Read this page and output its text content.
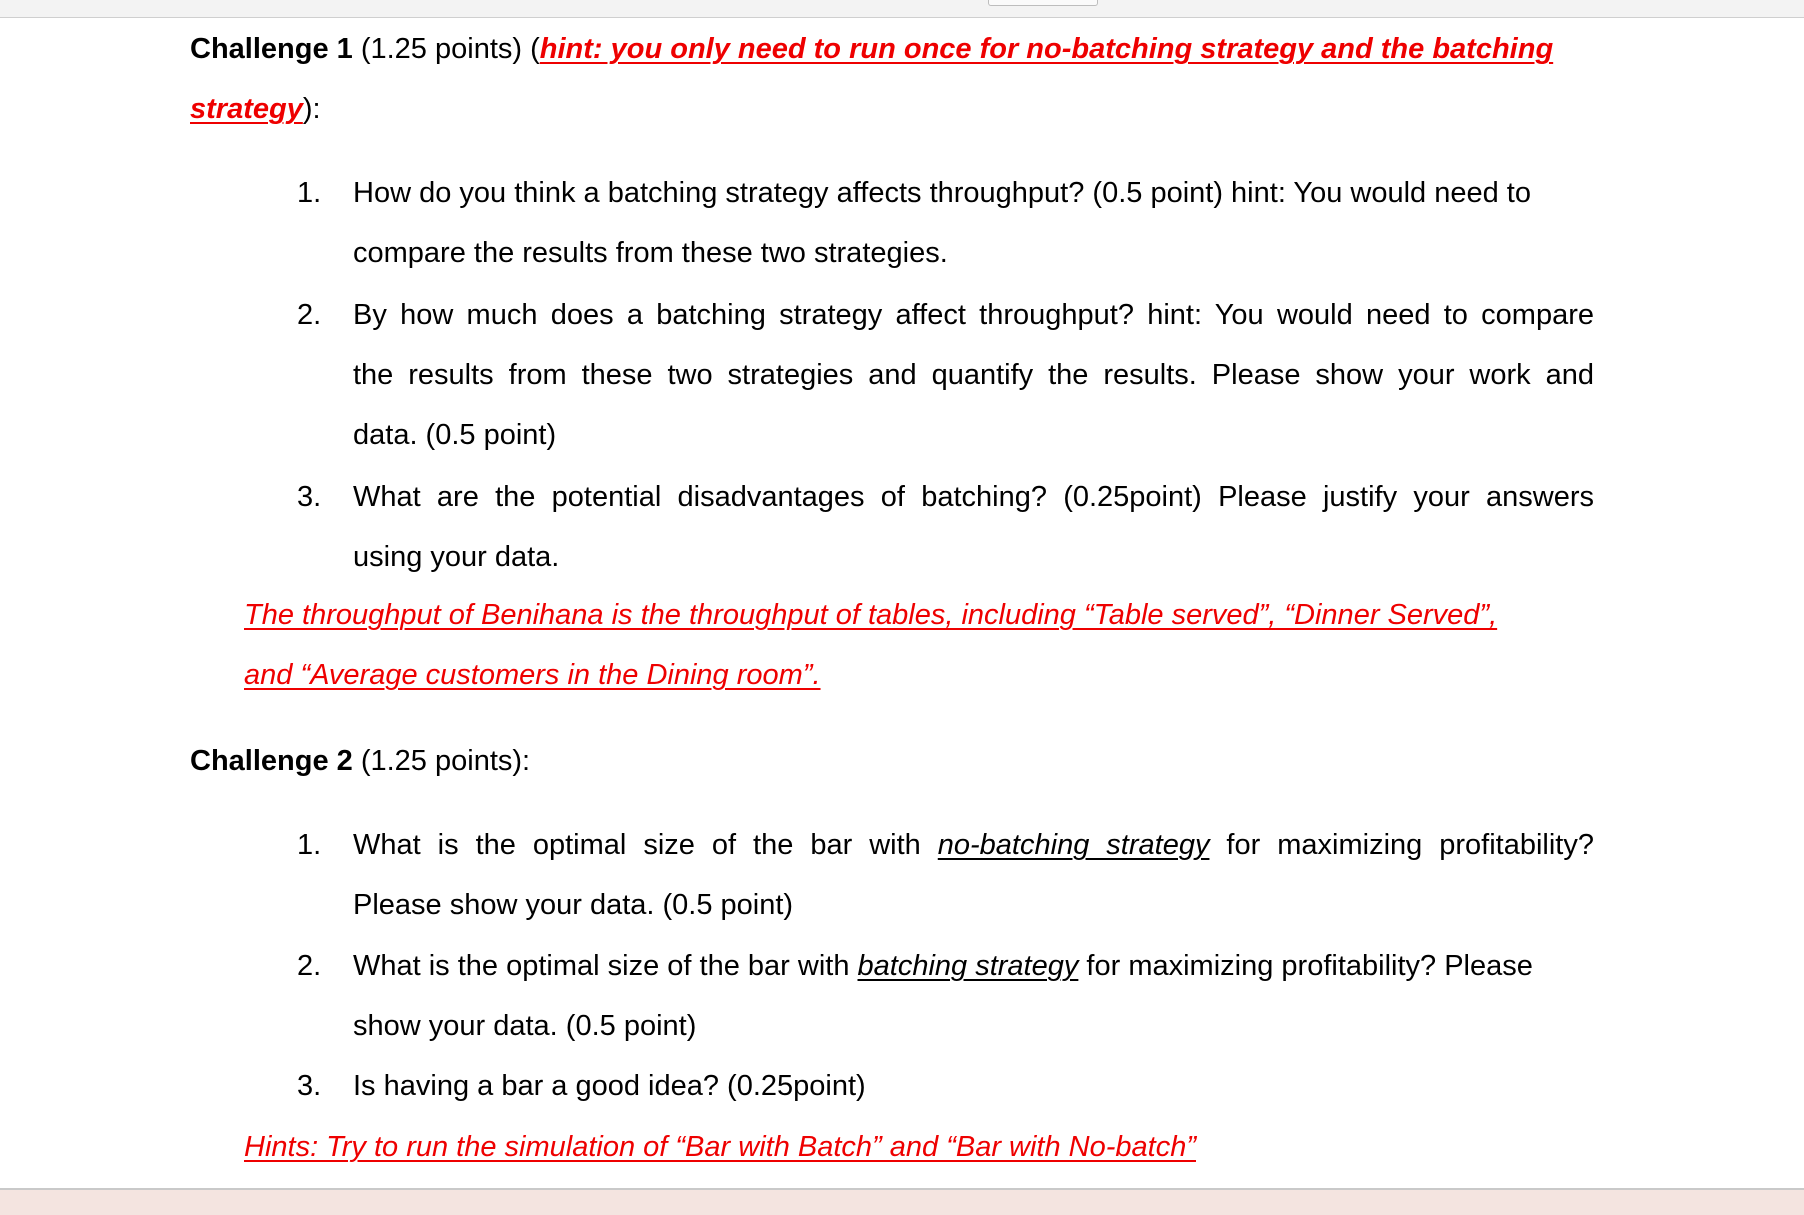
Challenge 1 (1.25 points) (hint: you only need to run once for no-batching strategy and the batching
strategy):
1. How do you think a batching strategy affects throughput? (0.5 point) hint: You would need to
compare the results from these two strategies.
2. By how much does a batching strategy affect throughput? hint: You would need to compare
the results from these two strategies and quantify the results. Please show your work and
data. (0.5 point)
3. What are the potential disadvantages of batching? (0.25point) Please justify your answers
using your data.
The throughput of Benihana is the throughput of tables, including “Table served”, “Dinner Served”,
and “Average customers in the Dining room”.
Challenge 2 (1.25 points):
1. What is the optimal size of the bar with no-batching strategy for maximizing profitability?
Please show your data. (0.5 point)
2. What is the optimal size of the bar with batching strategy for maximizing profitability? Please
show your data. (0.5 point)
3. Is having a bar a good idea? (0.25point)
Hints: Try to run the simulation of “Bar with Batch” and “Bar with No-batch”
